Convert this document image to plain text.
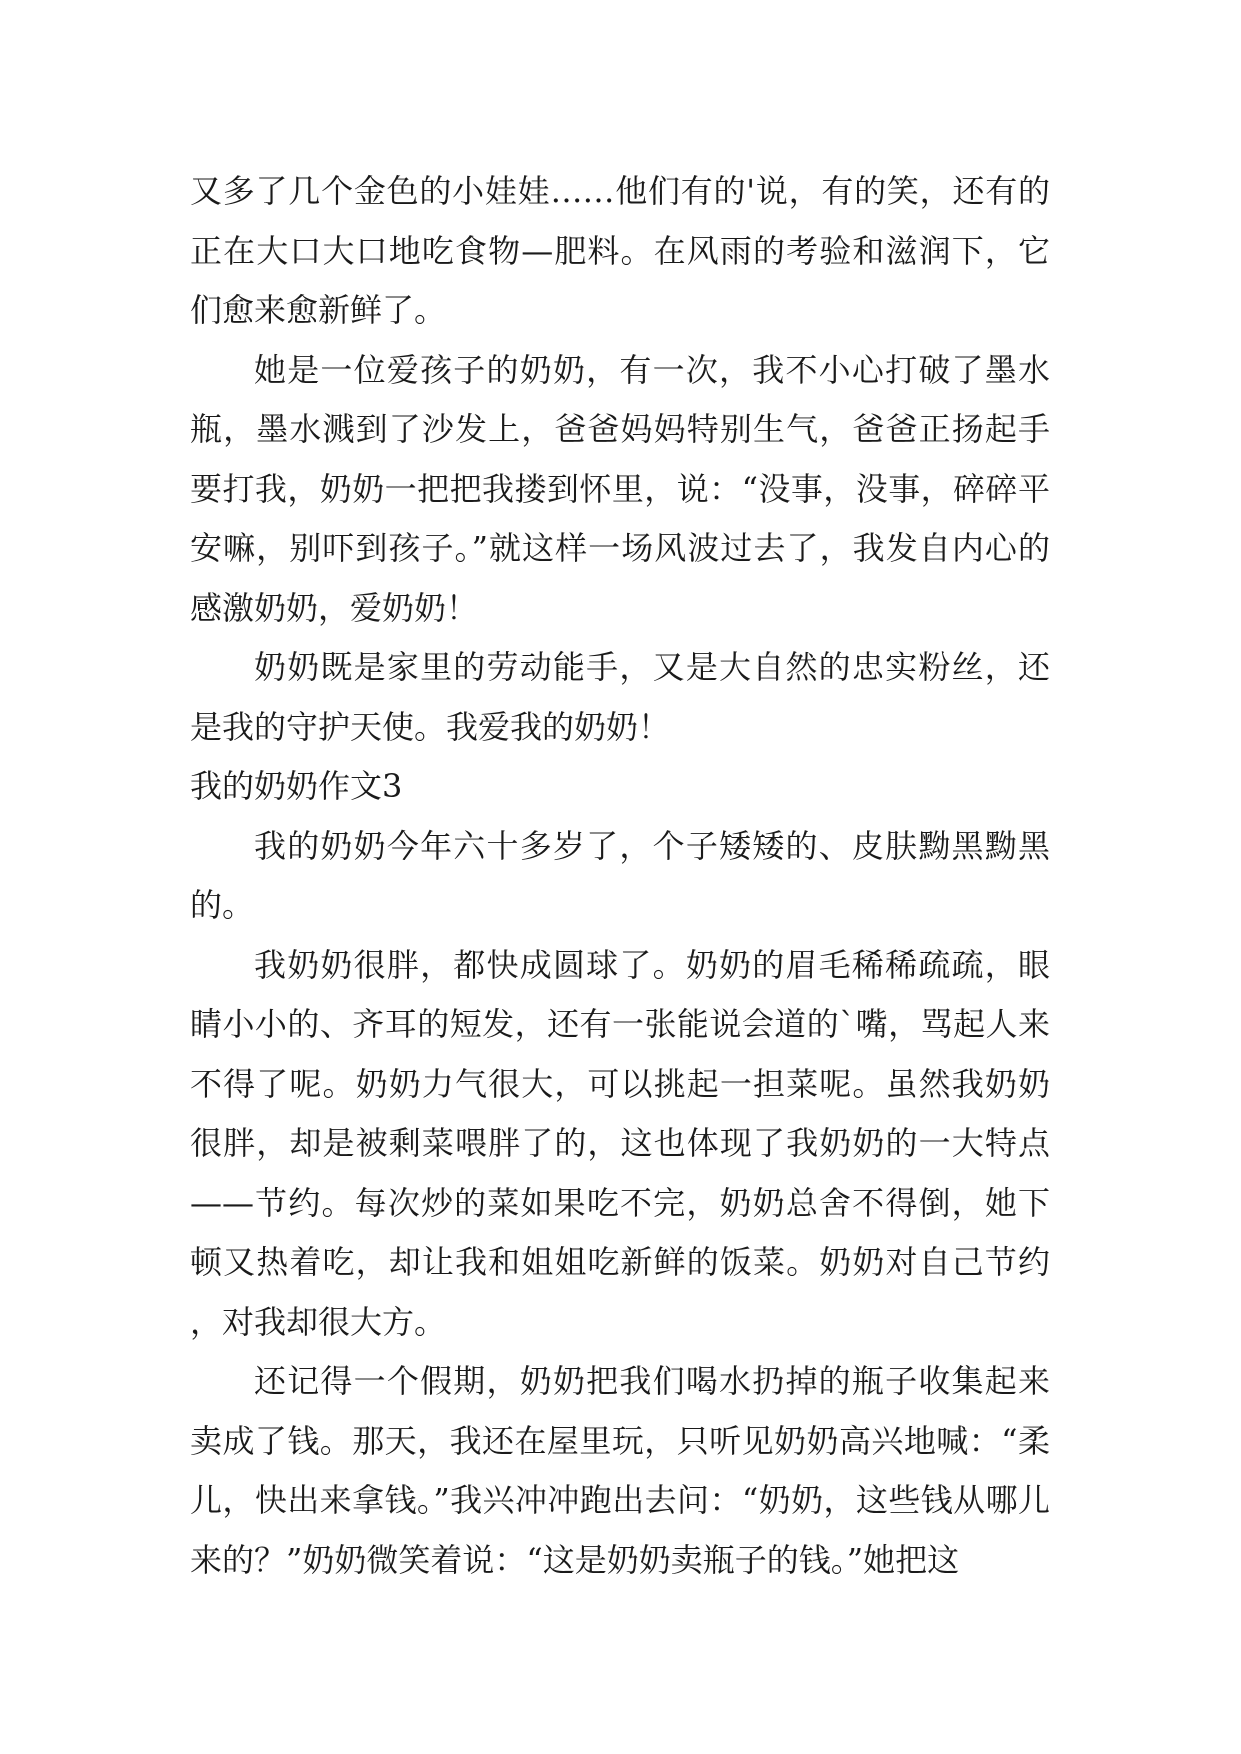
又多了几个金色的小娃娃……他们有的'说，有的笑，还有的正在大口大口地吃食物—肥料。在风雨的考验和滋润下，它们愈来愈新鲜了。

她是一位爱孩子的奶奶，有一次，我不小心打破了墨水瓶，墨水溅到了沙发上，爸爸妈妈特别生气，爸爸正扬起手要打我，奶奶一把把我搂到怀里，说：“没事，没事，碎碎平安嘛，别吓到孩子。”就这样一场风波过去了，我发自内心的感激奶奶，爱奶奶！

奶奶既是家里的劳动能手，又是大自然的忠实粉丝，还是我的守护天使。我爱我的奶奶！

我的奶奶作文3

我的奶奶今年六十多岁了，个子矮矮的、皮肤黝黑黝黑的。

我奶奶很胖，都快成圆球了。奶奶的眉毛稀稀疏疏，眼睛小小的、齐耳的短发，还有一张能说会道的`嘴，骂起人来不得了呢。奶奶力气很大，可以挑起一担菜呢。虽然我奶奶很胖，却是被剩菜喂胖了的，这也体现了我奶奶的一大特点——节约。每次炒的菜如果吃不完，奶奶总舍不得倒，她下顿又热着吃，却让我和姐姐吃新鲜的饭菜。奶奶对自己节约，对我却很大方。

还记得一个假期，奶奶把我们喝水扔掉的瓶子收集起来卖成了钱。那天，我还在屋里玩，只听见奶奶高兴地喊：“柔儿，快出来拿钱。”我兴冲冲跑出去问：“奶奶，这些钱从哪儿来的？”奶奶微笑着说：“这是奶奶卖瓶子的钱。”她把这
